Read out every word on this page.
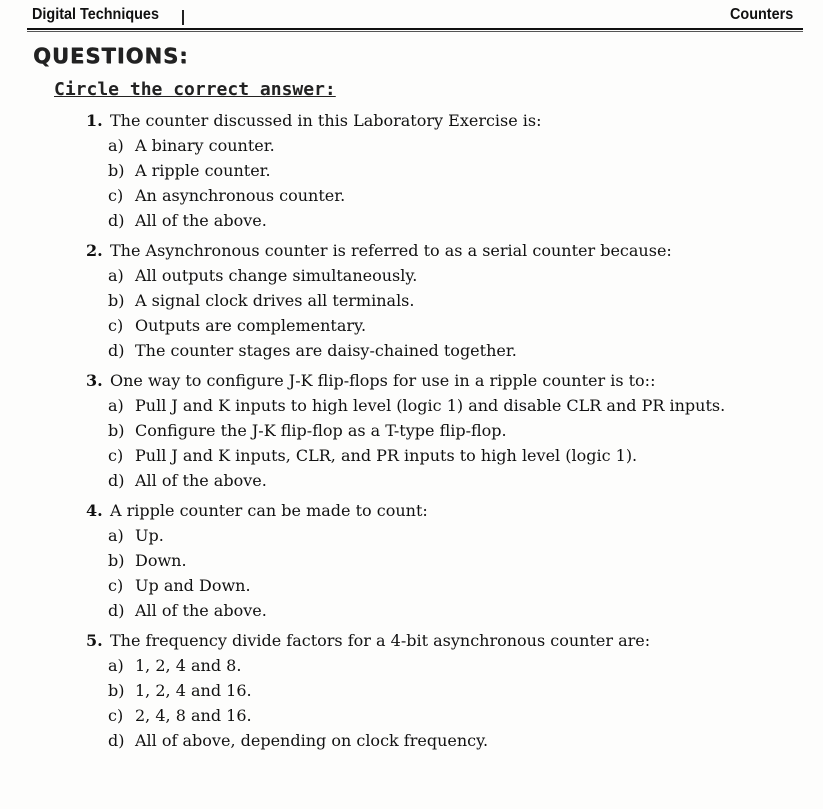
Digital Techniques	Counters
QUESTIONS:
Circle the correct answer:
1. The counter discussed in this Laboratory Exercise is:
a) A binary counter.
b) A ripple counter.
c) An asynchronous counter.
d) All of the above.
2. The Asynchronous counter is referred to as a serial counter because:
a) All outputs change simultaneously.
b) A signal clock drives all terminals.
c) Outputs are complementary.
d) The counter stages are daisy-chained together.
3. One way to configure J-K flip-flops for use in a ripple counter is to::
a) Pull J and K inputs to high level (logic 1) and disable CLR and PR inputs.
b) Configure the J-K flip-flop as a T-type flip-flop.
c) Pull J and K inputs, CLR, and PR inputs to high level (logic 1).
d) All of the above.
4. A ripple counter can be made to count:
a) Up.
b) Down.
c) Up and Down.
d) All of the above.
5. The frequency divide factors for a 4-bit asynchronous counter are:
a) 1, 2, 4 and 8.
b) 1, 2, 4 and 16.
c) 2, 4, 8 and 16.
d) All of above, depending on clock frequency.
